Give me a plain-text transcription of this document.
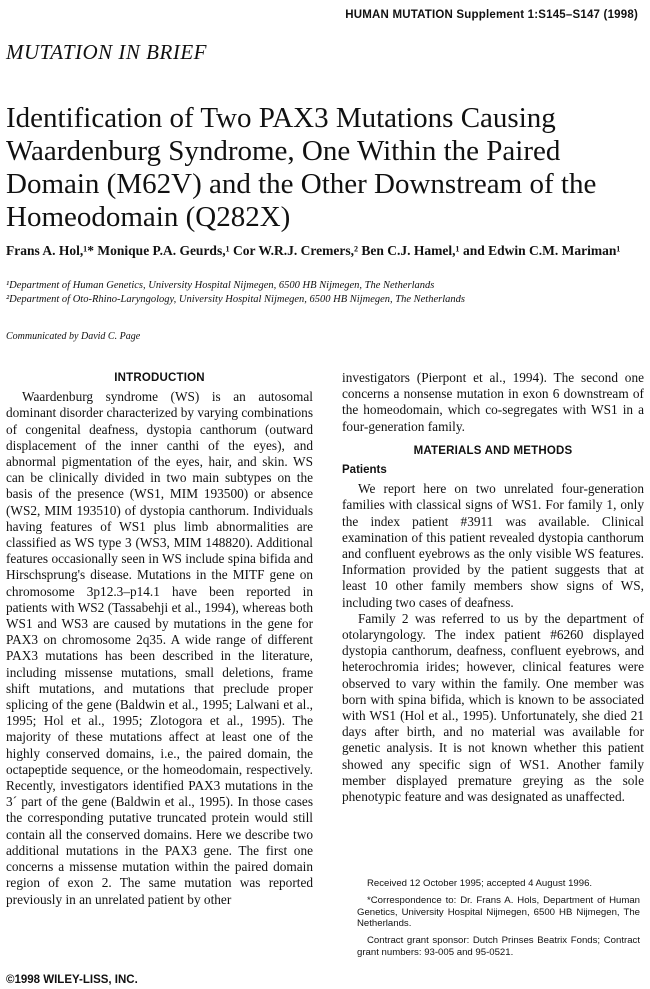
HUMAN MUTATION Supplement 1:S145–S147 (1998)
MUTATION IN BRIEF
Identification of Two PAX3 Mutations Causing Waardenburg Syndrome, One Within the Paired Domain (M62V) and the Other Downstream of the Homeodomain (Q282X)
Frans A. Hol,¹* Monique P.A. Geurds,¹ Cor W.R.J. Cremers,² Ben C.J. Hamel,¹ and Edwin C.M. Mariman¹
¹Department of Human Genetics, University Hospital Nijmegen, 6500 HB Nijmegen, The Netherlands
²Department of Oto-Rhino-Laryngology, University Hospital Nijmegen, 6500 HB Nijmegen, The Netherlands
Communicated by David C. Page
INTRODUCTION

Waardenburg syndrome (WS) is an autosomal dominant disorder characterized by varying combinations of congenital deafness, dystopia canthorum (outward displacement of the inner canthi of the eyes), and abnormal pigmentation of the eyes, hair, and skin. WS can be clinically divided in two main subtypes on the basis of the presence (WS1, MIM 193500) or absence (WS2, MIM 193510) of dystopia canthorum. Individuals having features of WS1 plus limb abnormalities are classified as WS type 3 (WS3, MIM 148820). Additional features occasionally seen in WS include spina bifida and Hirschsprung's disease. Mutations in the MITF gene on chromosome 3p12.3–p14.1 have been reported in patients with WS2 (Tassabehji et al., 1994), whereas both WS1 and WS3 are caused by mutations in the gene for PAX3 on chromosome 2q35. A wide range of different PAX3 mutations has been described in the literature, including missense mutations, small deletions, frame shift mutations, and mutations that preclude proper splicing of the gene (Baldwin et al., 1995; Lalwani et al., 1995; Hol et al., 1995; Zlotogora et al., 1995). The majority of these mutations affect at least one of the highly conserved domains, i.e., the paired domain, the octapeptide sequence, or the homeodomain, respectively. Recently, investigators identified PAX3 mutations in the 3´ part of the gene (Baldwin et al., 1995). In those cases the corresponding putative truncated protein would still contain all the conserved domains. Here we describe two additional mutations in the PAX3 gene. The first one concerns a missense mutation within the paired domain region of exon 2. The same mutation was reported previously in an unrelated patient by other

investigators (Pierpont et al., 1994). The second one concerns a nonsense mutation in exon 6 downstream of the homeodomain, which co-segregates with WS1 in a four-generation family.

MATERIALS AND METHODS
Patients

We report here on two unrelated four-generation families with classical signs of WS1. For family 1, only the index patient #3911 was available. Clinical examination of this patient revealed dystopia canthorum and confluent eyebrows as the only visible WS features. Information provided by the patient suggests that at least 10 other family members show signs of WS, including two cases of deafness.

Family 2 was referred to us by the department of otolaryngology. The index patient #6260 displayed dystopia canthorum, deafness, confluent eyebrows, and heterochromia irides; however, clinical features were observed to vary within the family. One member was born with spina bifida, which is known to be associated with WS1 (Hol et al., 1995). Unfortunately, she died 21 days after birth, and no material was available for genetic analysis. It is not known whether this patient showed any specific sign of WS1. Another family member displayed premature greying as the sole phenotypic feature and was designated as unaffected.

Received 12 October 1995; accepted 4 August 1996.

*Correspondence to: Dr. Frans A. Hols, Department of Human Genetics, University Hospital Nijmegen, 6500 HB Nijmegen, The Netherlands.

Contract grant sponsor: Dutch Prinses Beatrix Fonds; Contract grant numbers: 93-005 and 95-0521.

©1998 WILEY-LISS, INC.
